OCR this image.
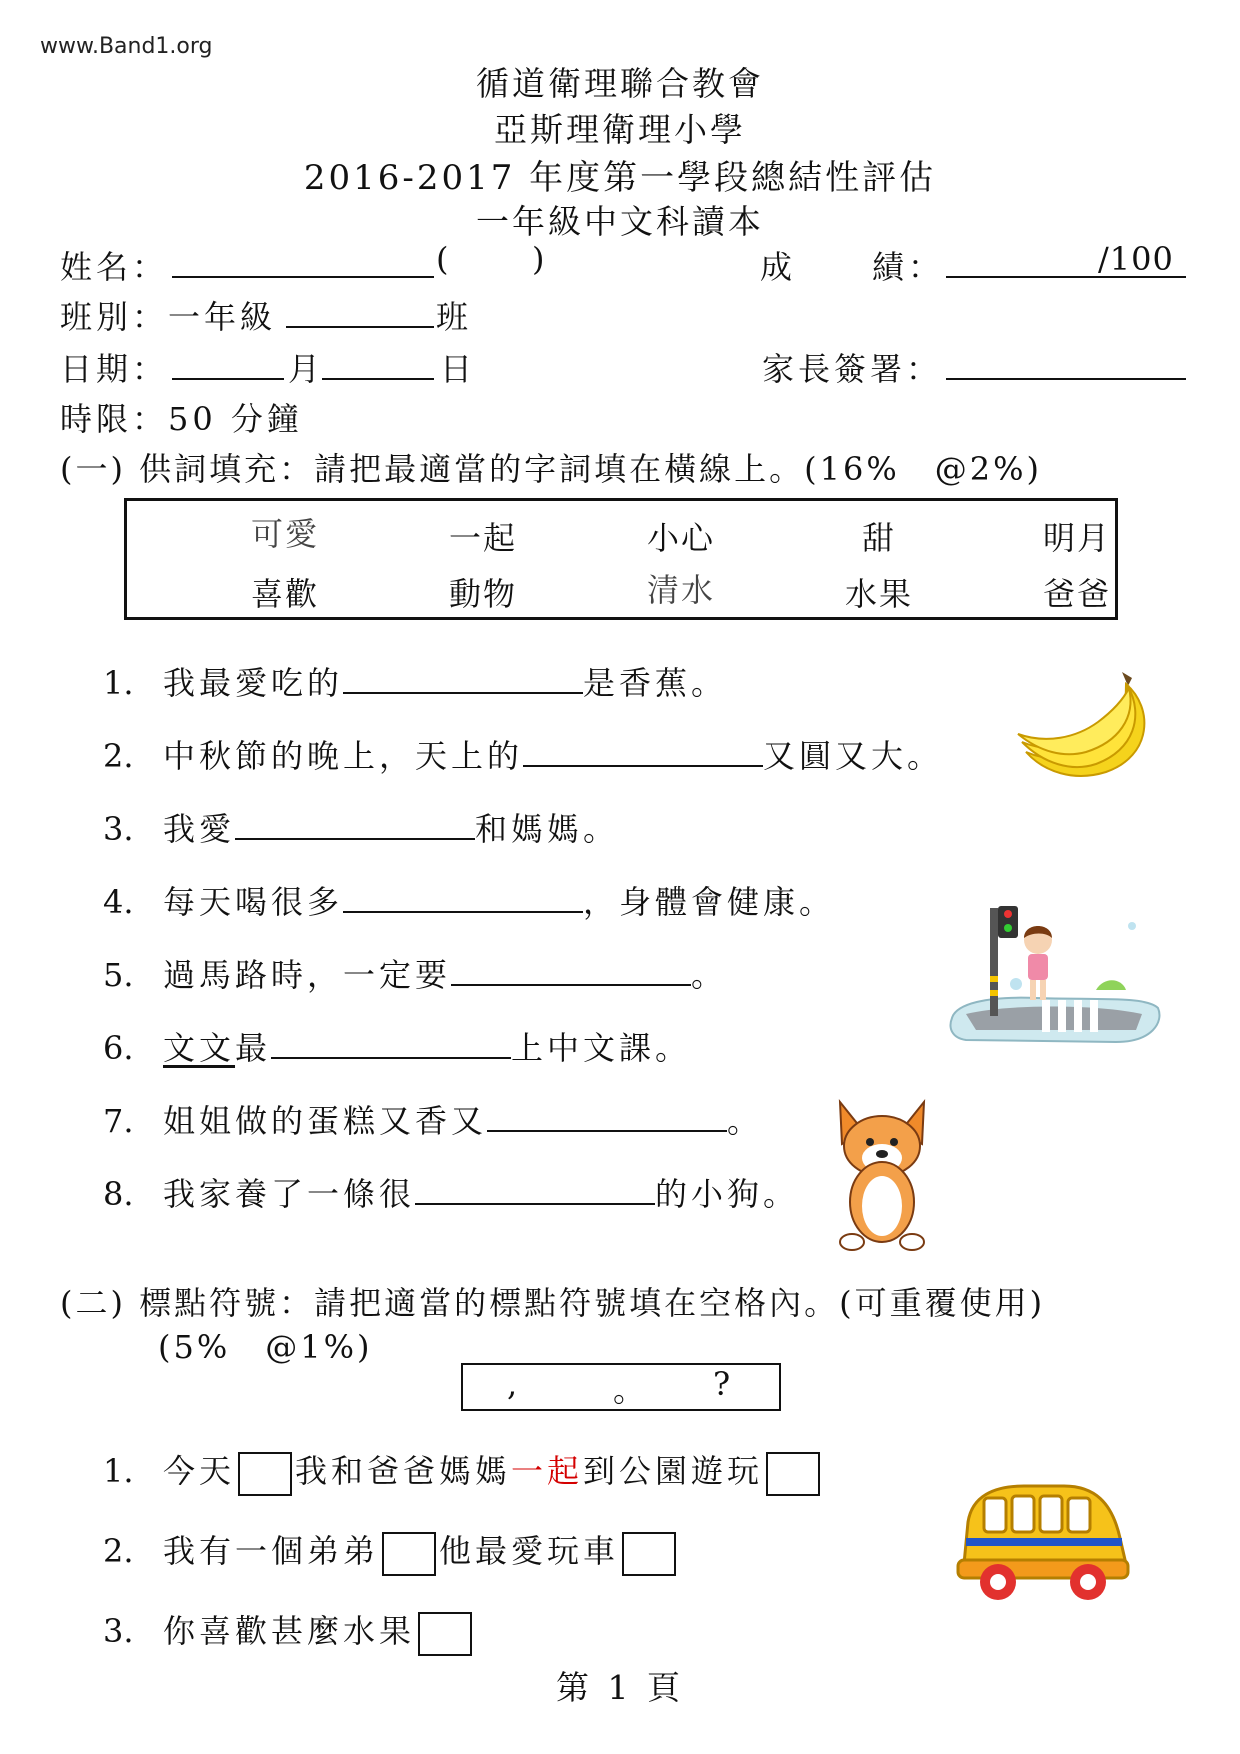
www.Band1.org
循道衛理聯合教會
亞斯理衛理小學
2016-2017 年度第一學段總結性評估
一年級中文科讀本
姓名：	( )	成 績：	/100
班別：一年級	班
日期：	月	日	家長簽署：
時限：50 分鐘
(一) 供詞填充：請把最適當的字詞填在橫線上。(16%　@2%)
可愛	一起	小心	甜	明月
喜歡	動物	清水	水果	爸爸
1. 我最愛吃的	是香蕉。
2. 中秋節的晚上，天上的	又圓又大。
3. 我愛	和媽媽。
4. 每天喝很多	，身體會健康。
5. 過馬路時，一定要	。
6. 文文最	上中文課。
7. 姐姐做的蛋糕又香又	。
8. 我家養了一條很	的小狗。
(二) 標點符號：請把適當的標點符號填在空格內。(可重覆使用)
(5%　@1%)
,	。 ?
1. 今天 我和爸爸媽媽一起到公園遊玩
2. 我有一個弟弟 他最愛玩車
3. 你喜歡甚麼水果
第 1 頁
